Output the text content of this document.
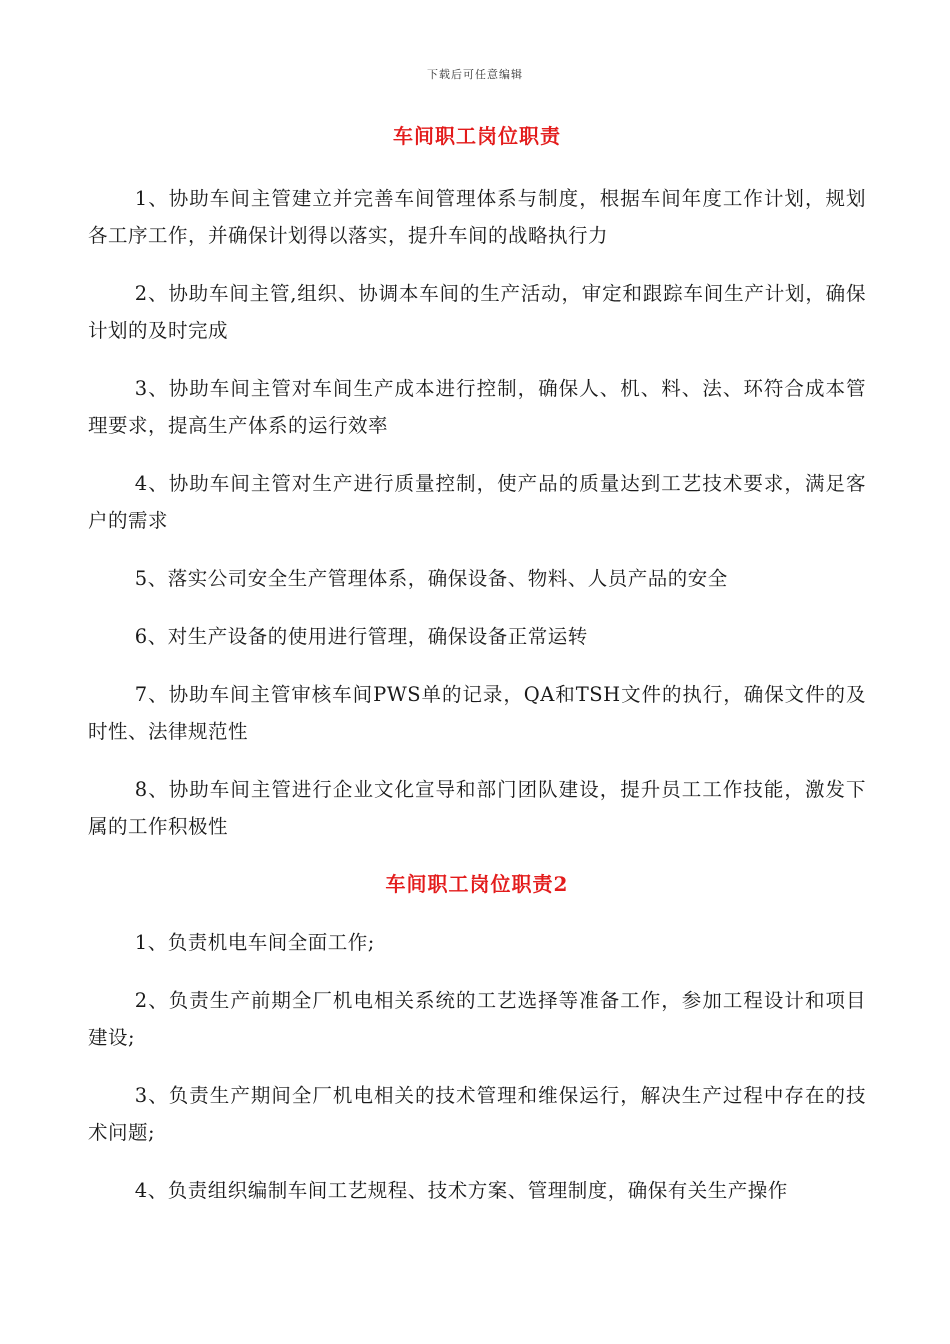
下载后可任意编辑
车间职工岗位职责

1、协助车间主管建立并完善车间管理体系与制度，根据车间年度工作计划，规划各工序工作，并确保计划得以落实，提升车间的战略执行力

2、协助车间主管,组织、协调本车间的生产活动，审定和跟踪车间生产计划，确保计划的及时完成

3、协助车间主管对车间生产成本进行控制，确保人、机、料、法、环符合成本管理要求，提高生产体系的运行效率

4、协助车间主管对生产进行质量控制，使产品的质量达到工艺技术要求，满足客户的需求

5、落实公司安全生产管理体系，确保设备、物料、人员产品的安全

6、对生产设备的使用进行管理，确保设备正常运转

7、协助车间主管审核车间PWS单的记录，QA和TSH文件的执行，确保文件的及时性、法律规范性

8、协助车间主管进行企业文化宣导和部门团队建设，提升员工工作技能，激发下属的工作积极性

车间职工岗位职责2

1、负责机电车间全面工作;

2、负责生产前期全厂机电相关系统的工艺选择等准备工作，参加工程设计和项目建设;

3、负责生产期间全厂机电相关的技术管理和维保运行，解决生产过程中存在的技术问题;

4、负责组织编制车间工艺规程、技术方案、管理制度，确保有关生产操作
